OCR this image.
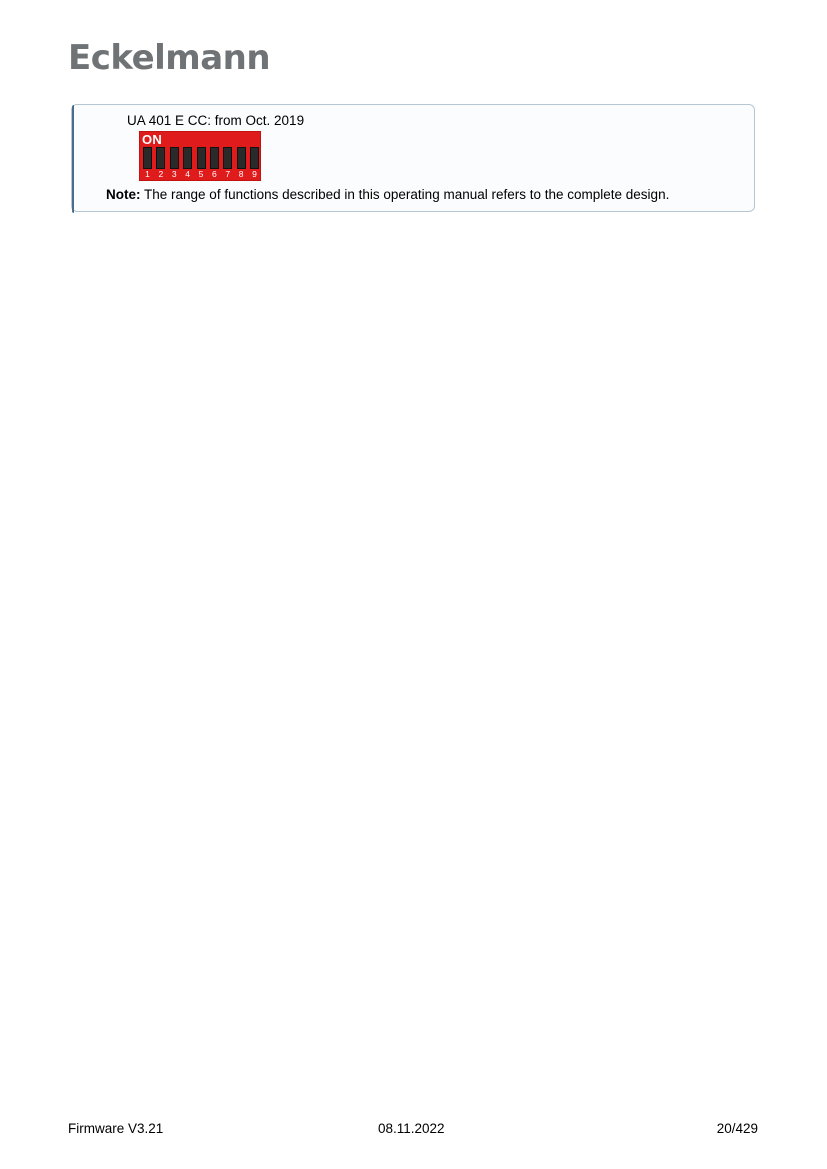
Eckelmann
UA 401 E CC: from Oct. 2019
ON
1 2 3 4 5 6 7 8 9
Note: The range of functions described in this operating manual refers to the complete design.
Firmware V3.21	08.11.2022	20/429
